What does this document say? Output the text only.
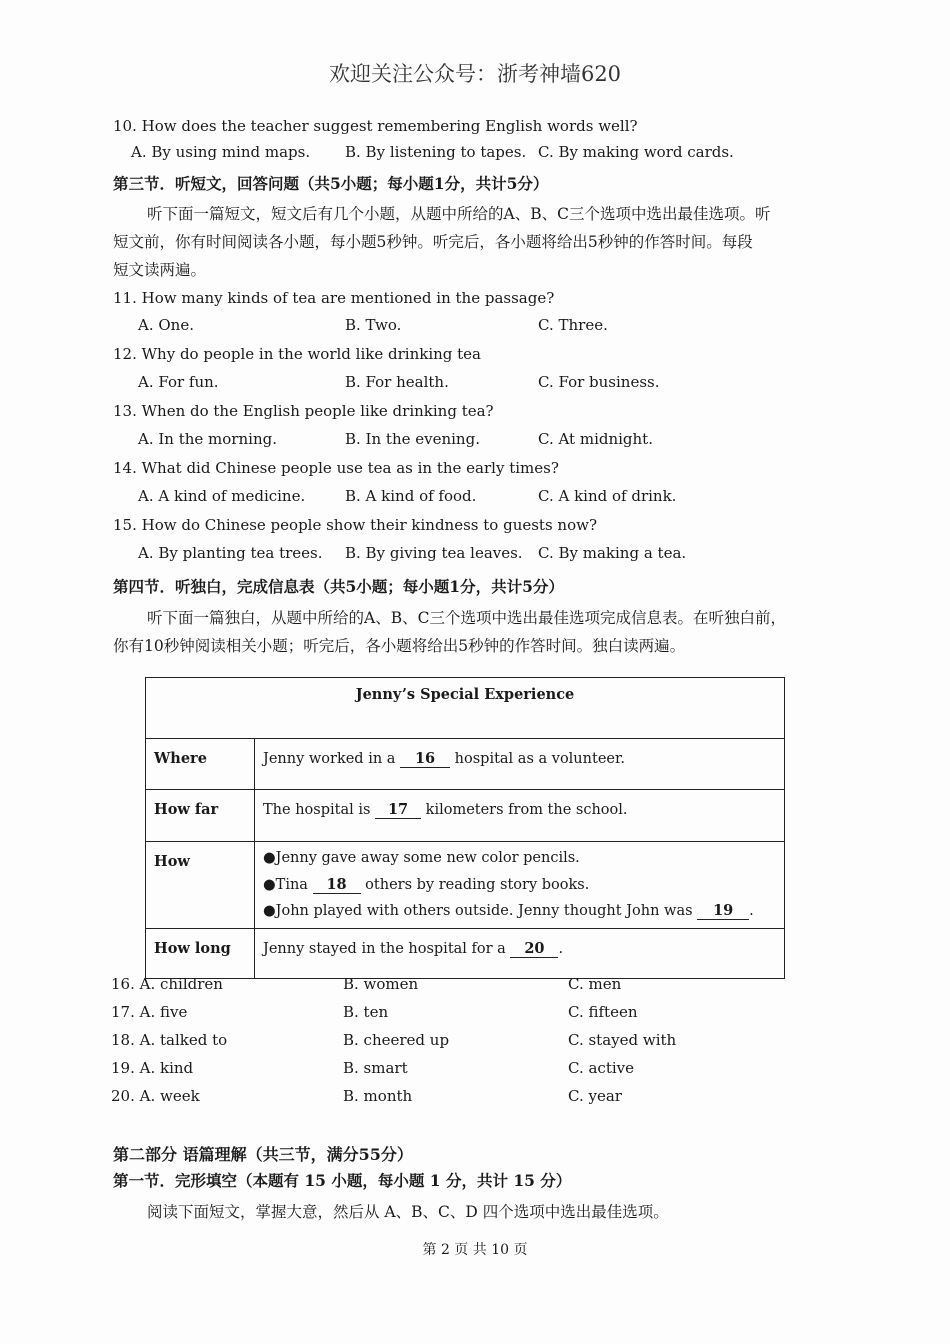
欢迎关注公众号：浙考神墙620
10. How does the teacher suggest remembering English words well?
A. By using mind maps. B. By listening to tapes. C. By making word cards.
第三节．听短文，回答问题（共5小题；每小题1分，共计5分）
听下面一篇短文，短文后有几个小题，从题中所给的A、B、C三个选项中选出最佳选项。听
短文前，你有时间阅读各小题，每小题5秒钟。听完后，各小题将给出5秒钟的作答时间。每段
短文读两遍。
11. How many kinds of tea are mentioned in the passage?
A. One.	B. Two.	C. Three.
12. Why do people in the world like drinking tea
A. For fun.	B. For health.	C. For business.
13. When do the English people like drinking tea?
A. In the morning.	B. In the evening.	C. At midnight.
14. What did Chinese people use tea as in the early times?
A. A kind of medicine.	B. A kind of food.	C. A kind of drink.
15. How do Chinese people show their kindness to guests now?
A. By planting tea trees. B. By giving tea leaves. C. By making a tea.
第四节．听独白，完成信息表（共5小题；每小题1分，共计5分）
听下面一篇独白，从题中所给的A、B、C三个选项中选出最佳选项完成信息表。在听独白前，
你有10秒钟阅读相关小题；听完后，各小题将给出5秒钟的作答时间。独白读两遍。
Jenny’s Special Experience	
Where	Jenny worked in a 16 hospital as a volunteer.
How far	The hospital is 17 kilometers from the school.
How	●Jenny gave away some new color pencils.
●Tina 18 others by reading story books.
●John played with others outside. Jenny thought John was 19 .

How long	Jenny stayed in the hospital for a 20 .
16. A. children	B. women	C. men
17. A. five	B. ten	C. fifteen
18. A. talked to	B. cheered up	C. stayed with
19. A. kind	B. smart	C. active
20. A. week	B. month	C. year
第二部分 语篇理解（共三节，满分55分）
第一节．完形填空（本题有 15 小题，每小题 1 分，共计 15 分）
阅读下面短文，掌握大意，然后从 A、B、C、D 四个选项中选出最佳选项。
第 2 页 共 10 页
